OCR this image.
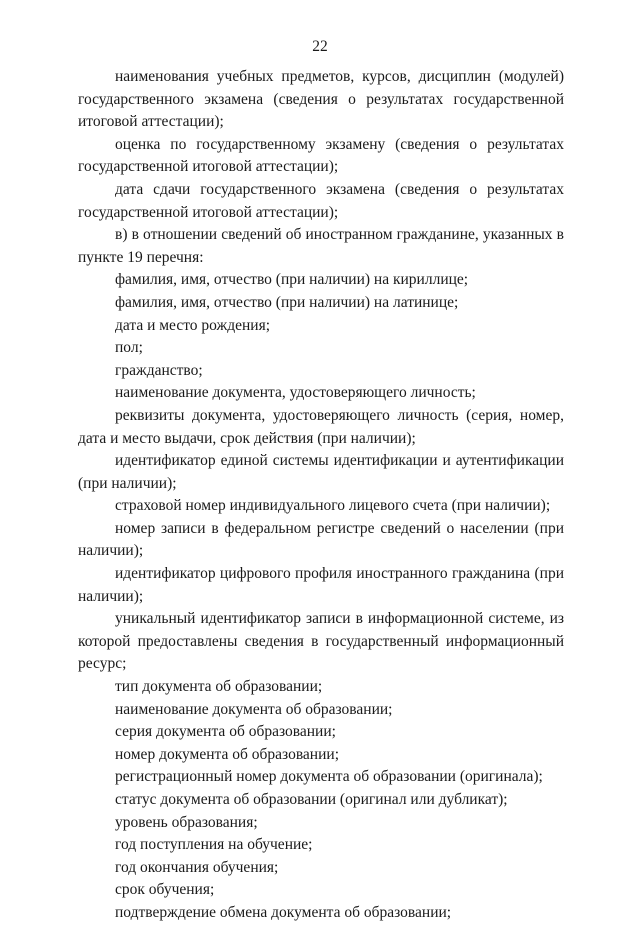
22

наименования учебных предметов, курсов, дисциплин (модулей) государственного экзамена (сведения о результатах государственной итоговой аттестации);

оценка по государственному экзамену (сведения о результатах государственной итоговой аттестации);

дата сдачи государственного экзамена (сведения о результатах государственной итоговой аттестации);

в) в отношении сведений об иностранном гражданине, указанных в пункте 19 перечня:

фамилия, имя, отчество (при наличии) на кириллице;

фамилия, имя, отчество (при наличии) на латинице;

дата и место рождения;

пол;

гражданство;

наименование документа, удостоверяющего личность;

реквизиты документа, удостоверяющего личность (серия, номер, дата и место выдачи, срок действия (при наличии);

идентификатор единой системы идентификации и аутентификации (при наличии);

страховой номер индивидуального лицевого счета (при наличии);

номер записи в федеральном регистре сведений о населении (при наличии);

идентификатор цифрового профиля иностранного гражданина (при наличии);

уникальный идентификатор записи в информационной системе, из которой предоставлены сведения в государственный информационный ресурс;

тип документа об образовании;

наименование документа об образовании;

серия документа об образовании;

номер документа об образовании;

регистрационный номер документа об образовании (оригинала);

статус документа об образовании (оригинал или дубликат);

уровень образования;

год поступления на обучение;

год окончания обучения;

срок обучения;

подтверждение обмена документа об образовании;
